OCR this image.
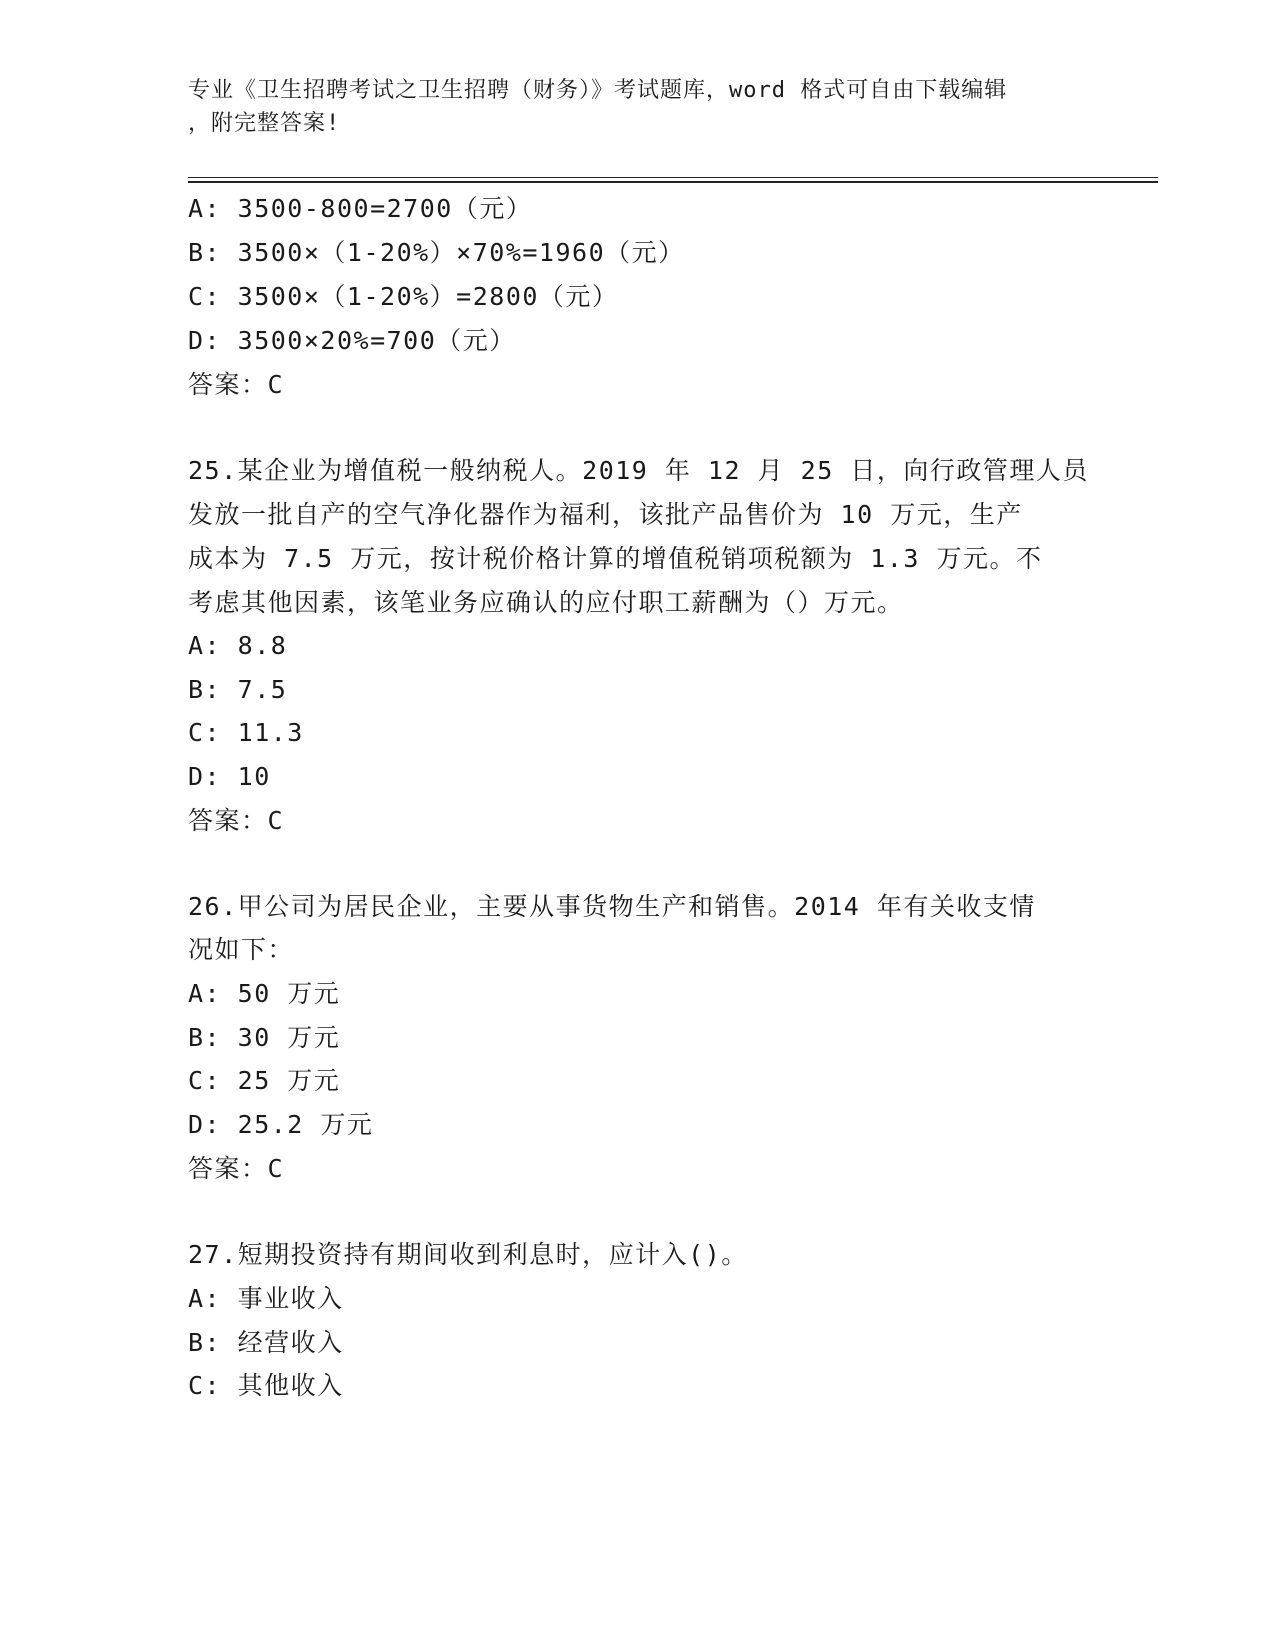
专业《卫生招聘考试之卫生招聘（财务）》考试题库，word 格式可自由下载编辑
，附完整答案!
A: 3500-800=2700（元）
B: 3500×（1-20%）×70%=1960（元）
C: 3500×（1-20%）=2800（元）
D: 3500×20%=700（元）
答案：C
25.某企业为增值税一般纳税人。2019 年 12 月 25 日，向行政管理人员
发放一批自产的空气净化器作为福利，该批产品售价为 10 万元，生产
成本为 7.5 万元，按计税价格计算的增值税销项税额为 1.3 万元。不
考虑其他因素，该笔业务应确认的应付职工薪酬为（）万元。
A: 8.8
B: 7.5
C: 11.3
D: 10
答案：C
26.甲公司为居民企业，主要从事货物生产和销售。2014 年有关收支情
况如下：
A: 50 万元
B: 30 万元
C: 25 万元
D: 25.2 万元
答案：C
27.短期投资持有期间收到利息时，应计入()。
A: 事业收入
B: 经营收入
C: 其他收入
